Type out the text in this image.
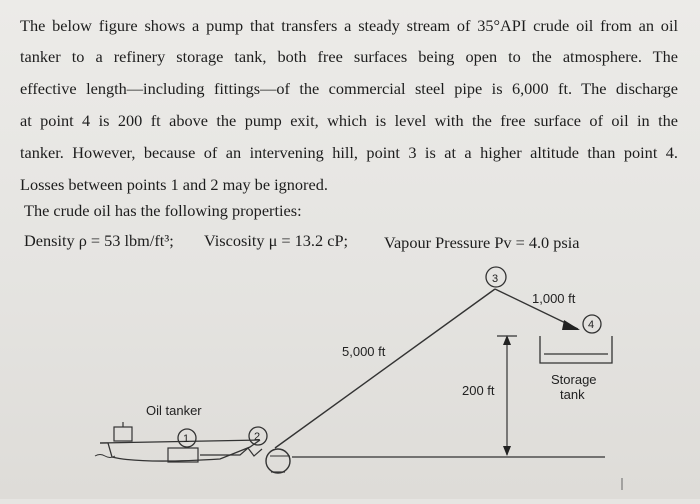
The below figure shows a pump that transfers a steady stream of 35°API crude oil from an oil
tanker to a refinery storage tank, both free surfaces being open to the atmosphere. The
effective length—including fittings—of the commercial steel pipe is 6,000 ft. The discharge
at point 4 is 200 ft above the pump exit, which is level with the free surface of oil in the
tanker. However, because of an intervening hill, point 3 is at a higher altitude than point 4.
Losses between points 1 and 2 may be ignored.
The crude oil has the following properties:
Density ρ = 53 lbm/ft³; Viscosity μ = 13.2 cP; Vapour Pressure Pv = 4.0 psia
3
4
1	2
1,000 ft
5,000 ft
200 ft
Storage
tank
Oil tanker
